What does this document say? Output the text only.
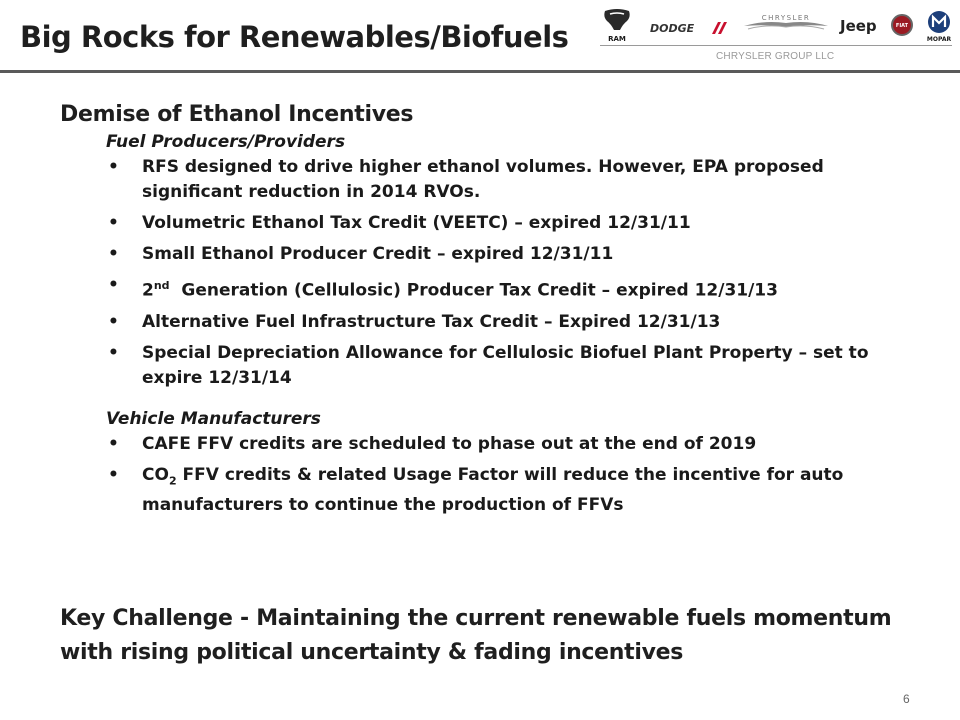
Big Rocks for Renewables/Biofuels	RAM
DODGE
CHRYSLER Jeep	FIAT
MOPAR
CHRYSLER GROUP LLC
Demise of Ethanol Incentives
Fuel Producers/Providers
• RFS designed to drive higher ethanol volumes. However, EPA proposed significant reduction in 2014 RVOs.
• Volumetric Ethanol Tax Credit (VEETC) – expired 12/31/11
• Small Ethanol Producer Credit – expired 12/31/11
• 2nd  Generation (Cellulosic) Producer Tax Credit – expired 12/31/13
• Alternative Fuel Infrastructure Tax Credit – Expired 12/31/13
• Special Depreciation Allowance for Cellulosic Biofuel Plant Property – set to expire 12/31/14
Vehicle Manufacturers
• CAFE FFV credits are scheduled to phase out at the end of 2019
• $CO_2$ FFV credits & related Usage Factor will reduce the incentive for auto manufacturers to continue the production of FFVs
Key Challenge - Maintaining the current renewable fuels momentum with rising political uncertainty & fading incentives
6
